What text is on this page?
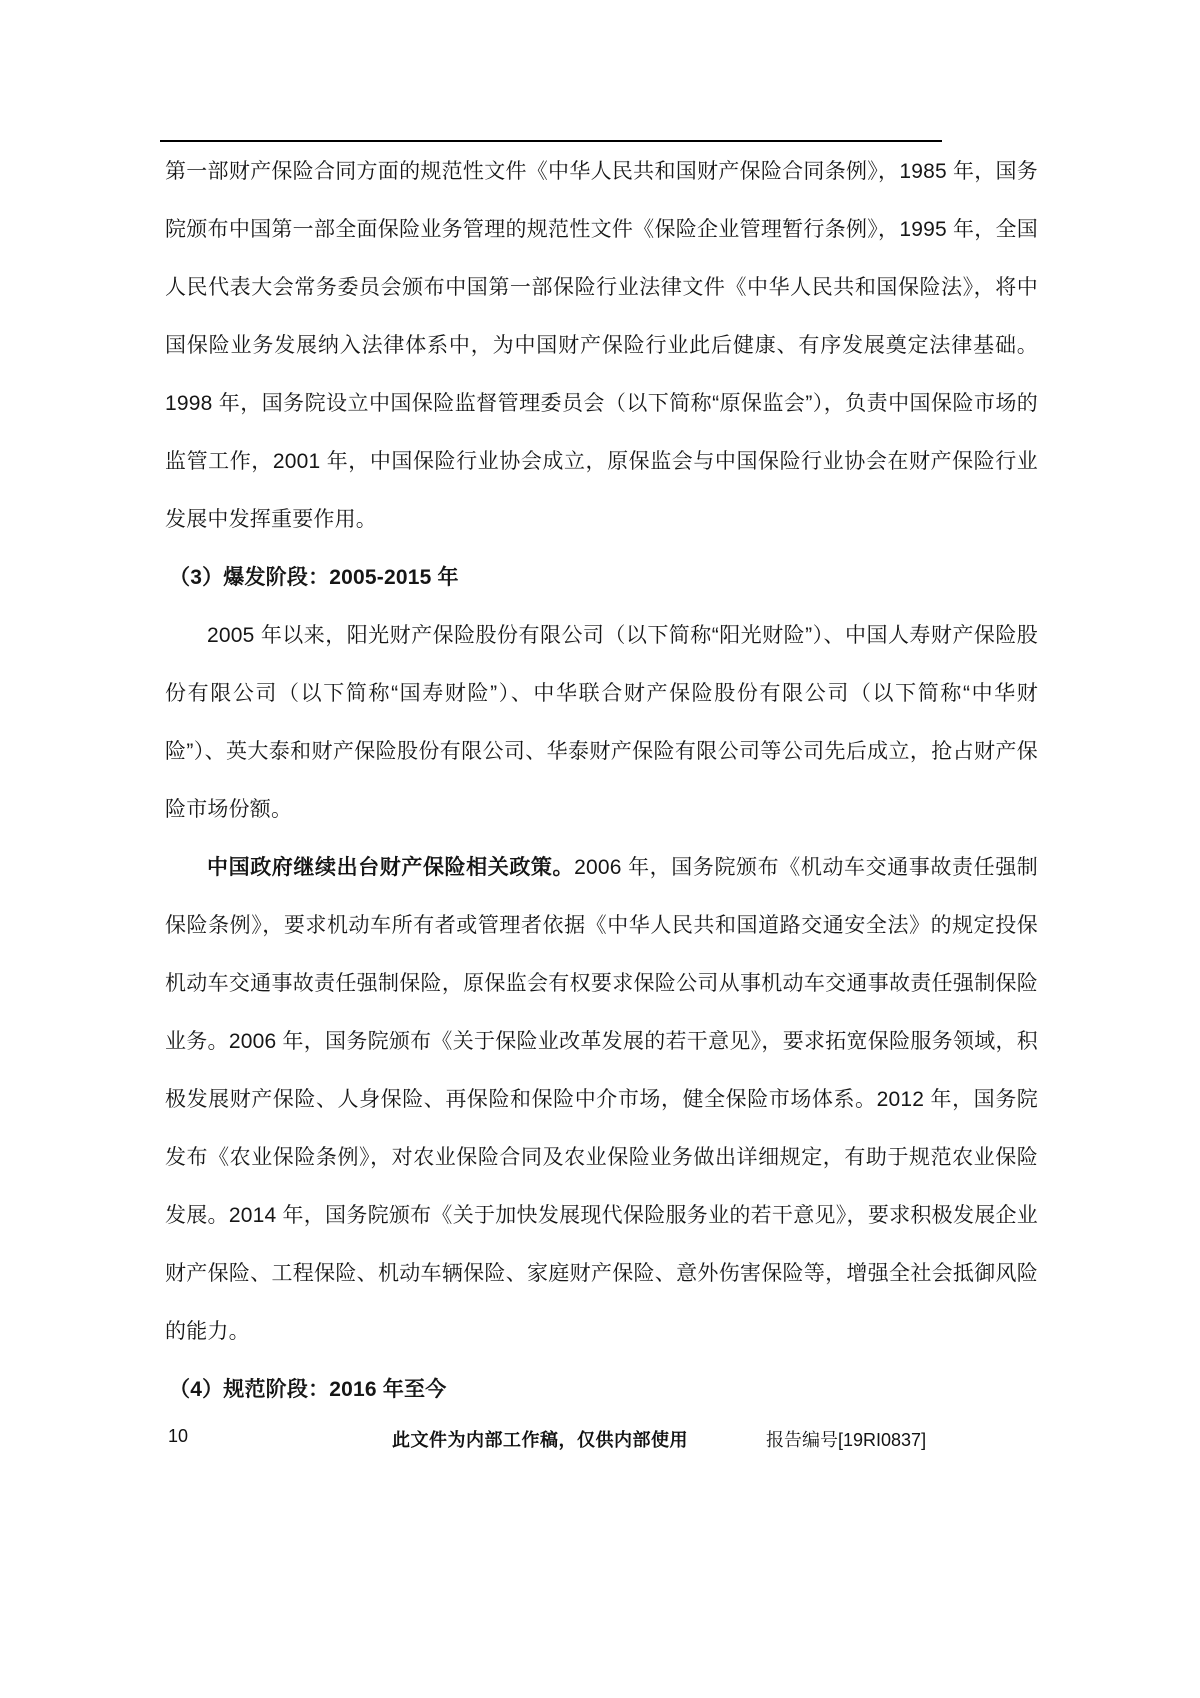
第一部财产保险合同方面的规范性文件《中华人民共和国财产保险合同条例》，1985 年，国务院颁布中国第一部全面保险业务管理的规范性文件《保险企业管理暂行条例》，1995 年，全国人民代表大会常务委员会颁布中国第一部保险行业法律文件《中华人民共和国保险法》，将中国保险业务发展纳入法律体系中，为中国财产保险行业此后健康、有序发展奠定法律基础。1998 年，国务院设立中国保险监督管理委员会（以下简称“原保监会”），负责中国保险市场的监管工作，2001 年，中国保险行业协会成立，原保监会与中国保险行业协会在财产保险行业发展中发挥重要作用。

（3）爆发阶段：2005-2015 年

2005 年以来，阳光财产保险股份有限公司（以下简称“阳光财险”）、中国人寿财产保险股份有限公司（以下简称“国寿财险”）、中华联合财产保险股份有限公司（以下简称“中华财险”）、英大泰和财产保险股份有限公司、华泰财产保险有限公司等公司先后成立，抢占财产保险市场份额。

中国政府继续出台财产保险相关政策。2006 年，国务院颁布《机动车交通事故责任强制保险条例》，要求机动车所有者或管理者依据《中华人民共和国道路交通安全法》的规定投保机动车交通事故责任强制保险，原保监会有权要求保险公司从事机动车交通事故责任强制保险业务。2006 年，国务院颁布《关于保险业改革发展的若干意见》，要求拓宽保险服务领域，积极发展财产保险、人身保险、再保险和保险中介市场，健全保险市场体系。2012 年，国务院发布《农业保险条例》，对农业保险合同及农业保险业务做出详细规定，有助于规范农业保险发展。2014 年，国务院颁布《关于加快发展现代保险服务业的若干意见》，要求积极发展企业财产保险、工程保险、机动车辆保险、家庭财产保险、意外伤害保险等，增强全社会抵御风险的能力。

（4）规范阶段：2016 年至今

10	此文件为内部工作稿，仅供内部使用	报告编号[19RI0837]
